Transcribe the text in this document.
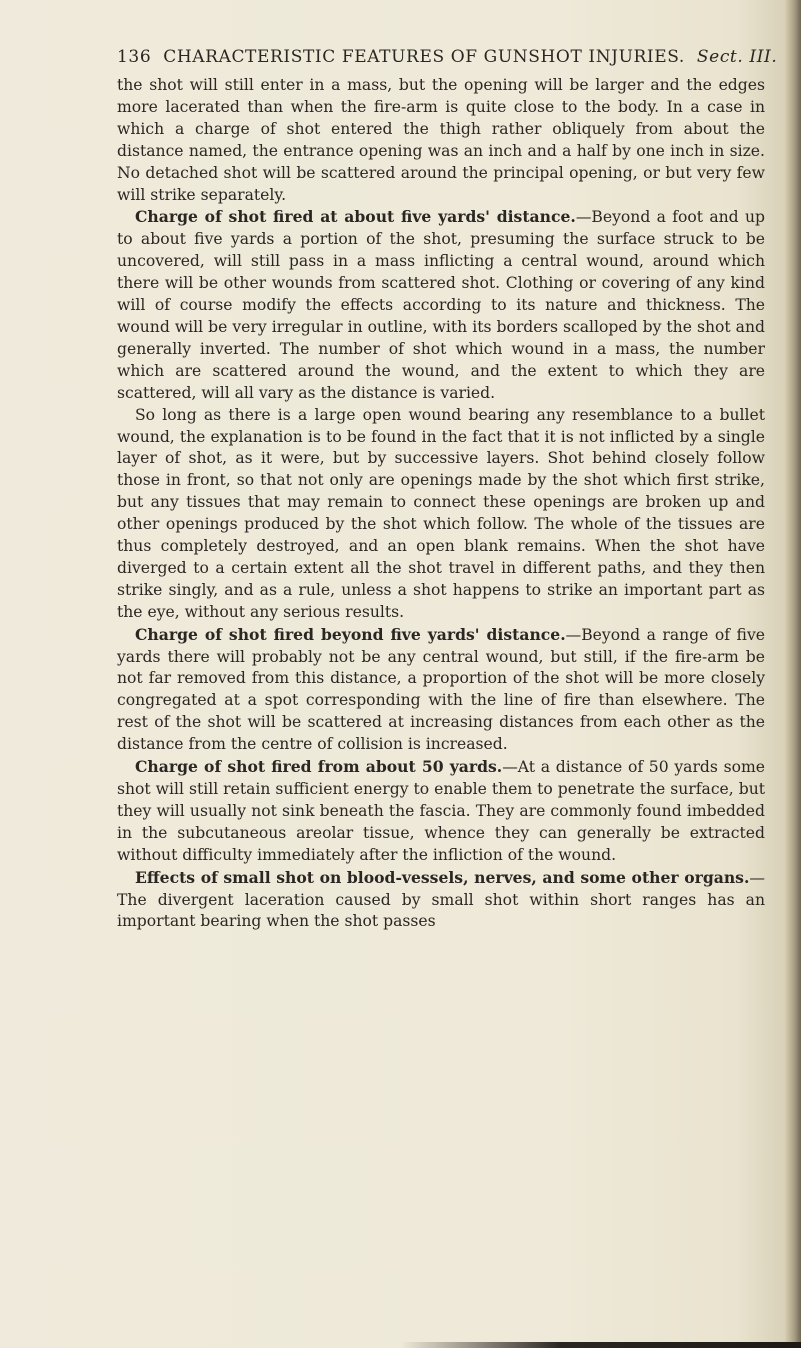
136 CHARACTERISTIC FEATURES OF GUNSHOT INJURIES. Sect. III.

the shot will still enter in a mass, but the opening will be larger and the edges more lacerated than when the fire-arm is quite close to the body. In a case in which a charge of shot entered the thigh rather obliquely from about the distance named, the entrance opening was an inch and a half by one inch in size. No detached shot will be scattered around the principal opening, or but very few will strike separately.

Charge of shot fired at about five yards' distance.—Beyond a foot and up to about five yards a portion of the shot, presuming the surface struck to be uncovered, will still pass in a mass inflicting a central wound, around which there will be other wounds from scattered shot. Clothing or covering of any kind will of course modify the effects according to its nature and thickness. The wound will be very irregular in outline, with its borders scalloped by the shot and generally inverted. The number of shot which wound in a mass, the number which are scattered around the wound, and the extent to which they are scattered, will all vary as the distance is varied.

So long as there is a large open wound bearing any resemblance to a bullet wound, the explanation is to be found in the fact that it is not inflicted by a single layer of shot, as it were, but by successive layers. Shot behind closely follow those in front, so that not only are openings made by the shot which first strike, but any tissues that may remain to connect these openings are broken up and other openings produced by the shot which follow. The whole of the tissues are thus completely destroyed, and an open blank remains. When the shot have diverged to a certain extent all the shot travel in different paths, and they then strike singly, and as a rule, unless a shot happens to strike an important part as the eye, without any serious results.

Charge of shot fired beyond five yards' distance.—Beyond a range of five yards there will probably not be any central wound, but still, if the fire-arm be not far removed from this distance, a proportion of the shot will be more closely congregated at a spot corresponding with the line of fire than elsewhere. The rest of the shot will be scattered at increasing distances from each other as the distance from the centre of collision is increased.

Charge of shot fired from about 50 yards.—At a distance of 50 yards some shot will still retain sufficient energy to enable them to penetrate the surface, but they will usually not sink beneath the fascia. They are commonly found imbedded in the subcutaneous areolar tissue, whence they can generally be extracted without difficulty immediately after the infliction of the wound.

Effects of small shot on blood-vessels, nerves, and some other organs.—The divergent laceration caused by small shot within short ranges has an important bearing when the shot passes
